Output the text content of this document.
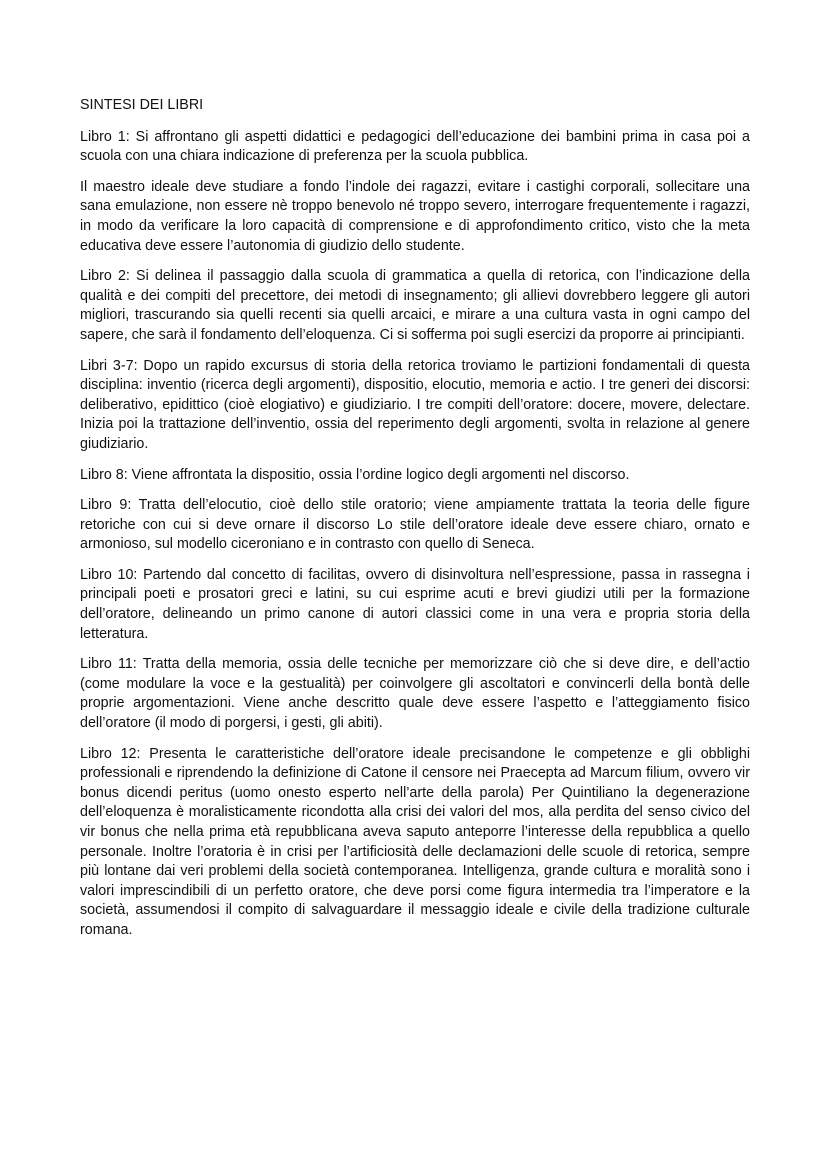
SINTESI DEI LIBRI

Libro 1: Si affrontano gli aspetti didattici e pedagogici dell’educazione dei bambini prima in casa poi a scuola con una chiara indicazione di preferenza per la scuola pubblica.

Il maestro ideale deve studiare a fondo l’indole dei ragazzi, evitare i castighi corporali, sollecitare una sana emulazione, non essere nè troppo benevolo né troppo severo, interrogare frequentemente i ragazzi, in modo da verificare la loro capacità di comprensione e di approfondimento critico, visto che la meta educativa deve essere l’autonomia di giudizio dello studente.

Libro 2: Si delinea il passaggio dalla scuola di grammatica a quella di retorica, con l’indicazione della qualità e dei compiti del precettore, dei metodi di insegnamento; gli allievi dovrebbero leggere gli autori migliori, trascurando sia quelli recenti sia quelli arcaici, e mirare a una cultura vasta in ogni campo del sapere, che sarà il fondamento dell’eloquenza. Ci si sofferma poi sugli esercizi da proporre ai principianti.

Libri 3-7: Dopo un rapido excursus di storia della retorica troviamo le partizioni fondamentali di questa disciplina: inventio (ricerca degli argomenti), dispositio, elocutio, memoria e actio. I tre generi dei discorsi: deliberativo, epidittico (cioè elogiativo) e giudiziario. I tre compiti dell’oratore: docere, movere, delectare. Inizia poi la trattazione dell’inventio, ossia del reperimento degli argomenti, svolta in relazione al genere giudiziario.

Libro 8: Viene affrontata la dispositio, ossia l’ordine logico degli argomenti nel discorso.

Libro 9: Tratta dell’elocutio, cioè dello stile oratorio; viene ampiamente trattata la teoria delle figure retoriche con cui si deve ornare il discorso Lo stile dell’oratore ideale deve essere chiaro, ornato e armonioso, sul modello ciceroniano e in contrasto con quello di Seneca.

Libro 10: Partendo dal concetto di facilitas, ovvero di disinvoltura nell’espressione, passa in rassegna i principali poeti e prosatori greci e latini, su cui esprime acuti e brevi giudizi utili per la formazione dell’oratore, delineando un primo canone di autori classici come in una vera e propria storia della letteratura.

Libro 11: Tratta della memoria, ossia delle tecniche per memorizzare ciò che si deve dire, e dell’actio (come modulare la voce e la gestualità) per coinvolgere gli ascoltatori e convincerli della bontà delle proprie argomentazioni. Viene anche descritto quale deve essere l’aspetto e l’atteggiamento fisico dell’oratore (il modo di porgersi, i gesti, gli abiti).

Libro 12: Presenta le caratteristiche dell’oratore ideale precisandone le competenze e gli obblighi professionali e riprendendo la definizione di Catone il censore nei Praecepta ad Marcum filium, ovvero vir bonus dicendi peritus (uomo onesto esperto nell’arte della parola) Per Quintiliano la degenerazione dell’eloquenza è moralisticamente ricondotta alla crisi dei valori del mos, alla perdita del senso civico del vir bonus che nella prima età repubblicana aveva saputo anteporre l’interesse della repubblica a quello personale. Inoltre l’oratoria è in crisi per l’artificiosità delle declamazioni delle scuole di retorica, sempre più lontane dai veri problemi della società contemporanea. Intelligenza, grande cultura e moralità sono i valori imprescindibili di un perfetto oratore, che deve porsi come figura intermedia tra l’imperatore e la società, assumendosi il compito di salvaguardare il messaggio ideale e civile della tradizione culturale romana.
